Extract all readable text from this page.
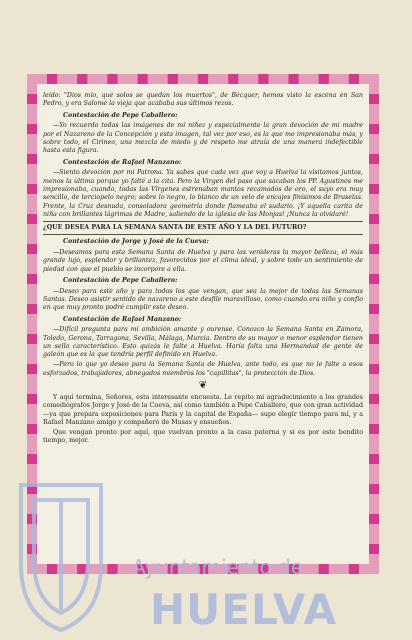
leído: "Dios mío, qué solos se quedan los muertos", de Bécquer, hemos visto la escena en San Pedro, y era Salomé la vieja que acababa sus últimos rezos.

Contestación de Pepe Caballero:

—Yo recuerdo todas las imágenes de mi niñez y especialmente la gran devoción de mi madre por el Nazareno de la Concepción y esta imagen, tal vez por eso, es la que me impresionaba más, y sobre todo, el Cirineo, una mezcla de miedo y de respeto me atraía de una manera indefectible hasta esta figura.

Contestación de Rafael Manzano:

—Siento devoción por mi Patrona. Ya sabes que cada vez que voy a Huelva la visitamos juntos, menos la última porque yo falté a la cita. Pero la Virgen del paso que sacaban los PP. Agustinos me impresionaba, cuando, todas las Vírgenes estrenaban mantos recamados de oro, el suyo era muy sencillo, de terciopelo negro; sobre lo negro, lo blanco de un velo de encajes finísimos de Bruselas. Frente, la Cruz desnuda, consoladora geometría donde flameaba el sudario. ¡Y aquella carita de niña con brillantes lágrimas de Madre, saliendo de la iglesia de las Monjas! ¡Nunca la olvidaré!

¿QUE DESEA PARA LA SEMANA SANTA DE ESTE AÑO Y LA DEL FUTURO?
Contestación de Jorge y José de la Cueva:

—Deseamos para esta Semana Santa de Huelva y para las venideras la mayor belleza, el más grande lujo, esplendor y brillantez, favorecidos por el clima ideal, y sobre todo un sentimiento de piedad con que el pueblo se incorpore a ella.

Contestación de Pepe Caballero:

—Deseo para este año y para todos los que vengan, que sea la mejor de todas las Semanas Santas. Deseo asistir sentido de nazareno a este desfile maravilloso, como cuando era niño y confío en que muy pronto podré cumplir este deseo.

Contestación de Rafael Manzano:

—Difícil pregunta para mi ambición amante y ourense. Conozco la Semana Santa en Zamora, Toledo, Gerona, Tarragona, Sevilla, Málaga, Murcia. Dentro de su mayor o menor esplendor tienen un sello característico. Esto quizás le falte a Huelva. Haría falta una Hermandad de gente de galeón que es la que tendría perfil definido en Huelva.

—Pero lo que yo deseo para la Semana Santa de Huelva, ante todo, es que no le falte a esos esforzados, trabajadores, abnegados miembros los "capillitas", la protección de Dios.

❦

Y aquí termina, Señores, esta interesante encuesta. Le repito mi agradecimiento a los grandes comediógrafos Jorge y José de la Cueva, así como también a Pepe Caballero, que con gran actividad —ya que prepara exposiciones para París y la capital de España— supo elegir tiempo para mí, y a Rafael Manzano amigo y compañero de Musas y ensueños.

Que vengan pronto por aquí, que vuelvan pronto a la casa paterna y si es por este bendito tiempo, mejor.

Ayuntamiento de
HUELVA
